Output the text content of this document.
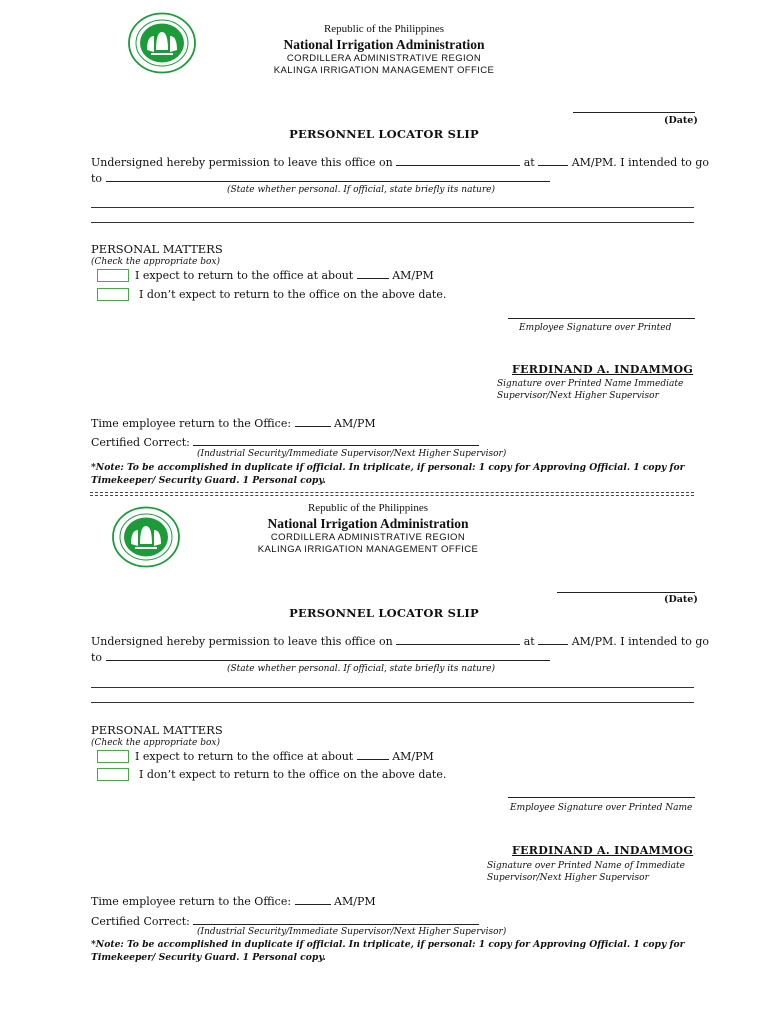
Republic of the Philippines
National Irrigation Administration
CORDILLERA ADMINISTRATIVE REGION
KALINGA IRRIGATION MANAGEMENT OFFICE
(Date)
PERSONNEL LOCATOR SLIP
Undersigned hereby permission to leave this office on	at	AM/PM. I intended to go
to
(State whether personal. If official, state briefly its nature)
PERSONAL MATTERS
(Check the appropriate box)
I expect to return to the office at about	AM/PM
I don’t expect to return to the office on the above date.
Employee Signature over Printed
FERDINAND A. INDAMMOG
Signature over Printed Name Immediate
Supervisor/Next Higher Supervisor
Time employee return to the Office:	AM/PM
Certified Correct:
(Industrial Security/Immediate Supervisor/Next Higher Supervisor)
*Note: To be accomplished in duplicate if official. In triplicate, if personal: 1 copy for Approving Official. 1 copy for
Timekeeper/ Security Guard. 1 Personal copy.
Republic of the Philippines
National Irrigation Administration
CORDILLERA ADMINISTRATIVE REGION
KALINGA IRRIGATION MANAGEMENT OFFICE
(Date)
PERSONNEL LOCATOR SLIP
Undersigned hereby permission to leave this office on	at	AM/PM. I intended to go
to
(State whether personal. If official, state briefly its nature)
PERSONAL MATTERS
(Check the appropriate box)
I expect to return to the office at about	AM/PM
I don’t expect to return to the office on the above date.
Employee Signature over Printed Name
FERDINAND A. INDAMMOG
Signature over Printed Name of Immediate
Supervisor/Next Higher Supervisor
Time employee return to the Office:	AM/PM
Certified Correct:
(Industrial Security/Immediate Supervisor/Next Higher Supervisor)
*Note: To be accomplished in duplicate if official. In triplicate, if personal: 1 copy for Approving Official. 1 copy for
Timekeeper/ Security Guard. 1 Personal copy.
